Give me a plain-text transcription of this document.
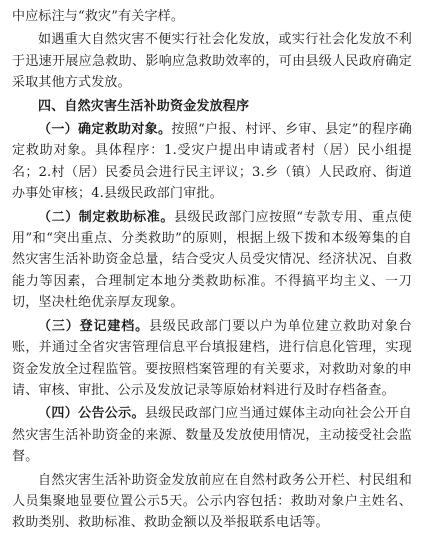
中应标注与“救灾”有关字样。

如遇重大自然灾害不便实行社会化发放，或实行社会化发放不利于迅速开展应急救助、影响应急救助效率的，可由县级人民政府确定采取其他方式发放。

四、自然灾害生活补助资金发放程序

（一）确定救助对象。按照“户报、村评、乡审、县定”的程序确定救助对象。具体程序：1.受灾户提出申请或者村（居）民小组提名；2.村（居）民委员会进行民主评议；3.乡（镇）人民政府、街道办事处审核；4.县级民政部门审批。

（二）制定救助标准。县级民政部门应按照“专款专用、重点使用”和“突出重点、分类救助”的原则，根据上级下拨和本级筹集的自然灾害生活补助资金总量，结合受灾人员受灾情况、经济状况、自救能力等因素，合理制定本地分类救助标准。不得搞平均主义、一刀切，坚决杜绝优亲厚友现象。

（三）登记建档。县级民政部门要以户为单位建立救助对象台账，并通过全省灾害管理信息平台填报建档，进行信息化管理，实现资金发放全过程监管。要按照档案管理的有关要求，对救助对象的申请、审核、审批、公示及发放记录等原始材料进行及时存档备查。

（四）公告公示。县级民政部门应当通过媒体主动向社会公开自然灾害生活补助资金的来源、数量及发放使用情况，主动接受社会监督。

自然灾害生活补助资金发放前应在自然村政务公开栏、村民组和人员集聚地显要位置公示5天。公示内容包括：救助对象户主姓名、救助类别、救助标准、救助金额以及举报联系电话等。
